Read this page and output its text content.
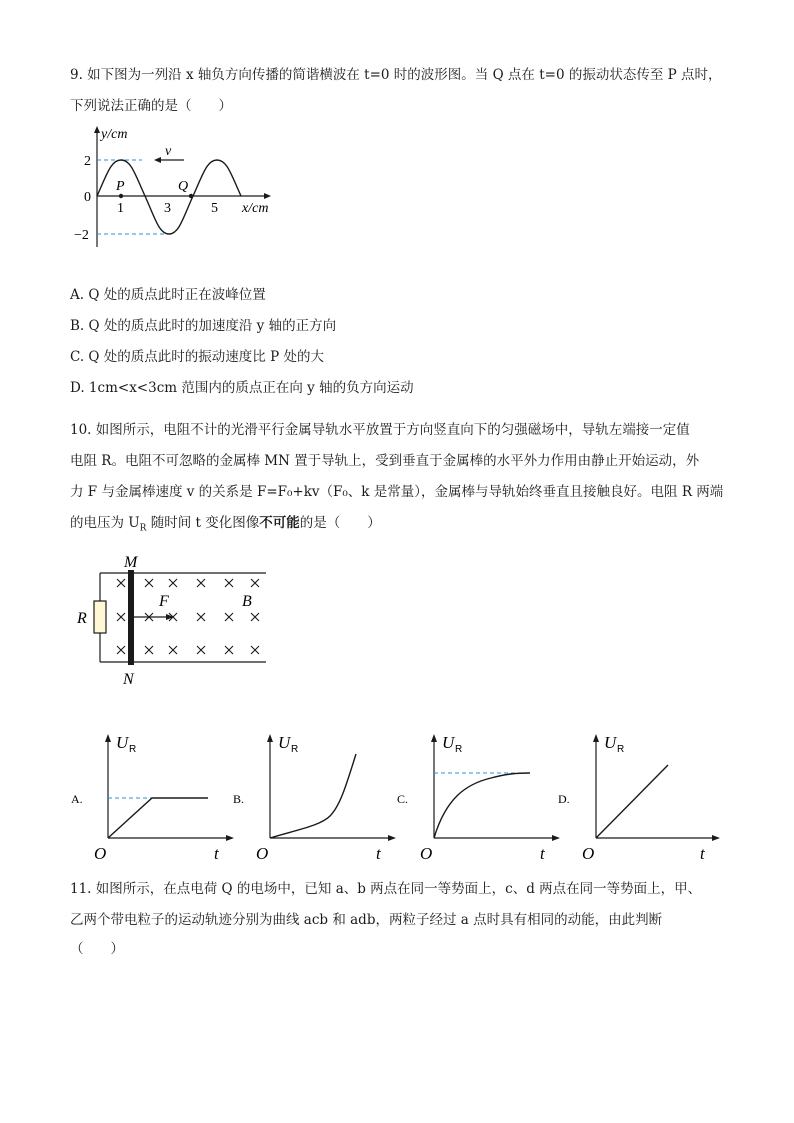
9. 如下图为一列沿 x 轴负方向传播的简谐横波在 t=0 时的波形图。当 Q 点在 t=0 的振动状态传至 P 点时，
下列说法正确的是（　　）
y/cm
x/cm
0
2
−2
1	3	5
P	Q
v
A. Q 处的质点此时正在波峰位置
B. Q 处的质点此时的加速度沿 y 轴的正方向
C. Q 处的质点此时的振动速度比 P 处的大
D. 1cm<x<3cm 范围内的质点正在向 y 轴的负方向运动
10. 如图所示，电阻不计的光滑平行金属导轨水平放置于方向竖直向下的匀强磁场中，导轨左端接一定值
电阻 R。电阻不可忽略的金属棒 MN 置于导轨上，受到垂直于金属棒的水平外力作用由静止开始运动，外
力 F 与金属棒速度 v 的关系是 F=F₀+kv（F₀、k 是常量），金属棒与导轨始终垂直且接触良好。电阻 R 两端
的电压为 $U_R$ 随时间 t 变化图像不可能的是（　　）
M
N
R
F	B
U R
t
O
A.
U R
t
O
B.
U R
t
O
C.
U R
t
O
D.
11. 如图所示，在点电荷 Q 的电场中，已知 a、b 两点在同一等势面上，c、d 两点在同一等势面上，甲、
乙两个带电粒子的运动轨迹分别为曲线 acb 和 adb，两粒子经过 a 点时具有相同的动能，由此判断
（　　）
